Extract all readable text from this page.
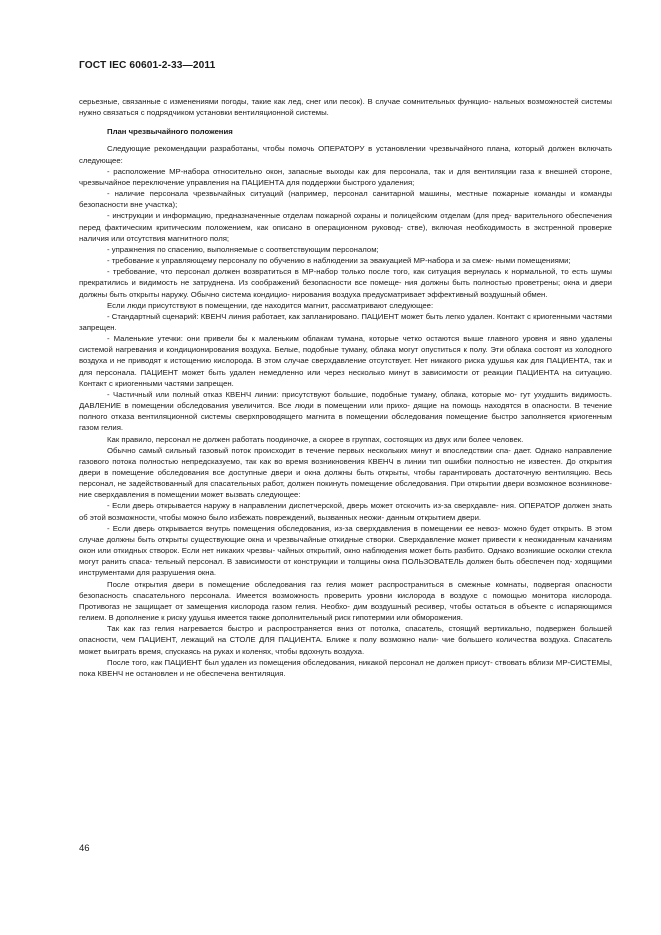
ГОСТ IEC 60601-2-33—2011

серьезные, связанные с изменениями погоды, такие как лед, снег или песок). В случае сомнительных функцио- нальных возможностей системы нужно связаться с подрядчиком установки вентиляционной системы.

План чрезвычайного положения

Следующие рекомендации разработаны, чтобы помочь ОПЕРАТОРУ в установлении чрезвычайного плана, который должен включать следующее:

- расположение МР-набора относительно окон, запасные выходы как для персонала, так и для вентиляции газа к внешней стороне, чрезвычайное переключение управления на ПАЦИЕНТА для поддержки быстрого удаления;

- наличие персонала чрезвычайных ситуаций (например, персонал санитарной машины, местные пожарные команды и команды безопасности вне участка);

- инструкции и информацию, предназначенные отделам пожарной охраны и полицейским отделам (для пред- варительного обеспечения перед фактическим критическим положением, как описано в операционном руковод- стве), включая необходимость в экстренной проверке наличия или отсутствия магнитного поля;

- упражнения по спасению, выполняемые с соответствующим персоналом;

- требование к управляющему персоналу по обучению в наблюдении за эвакуацией МР-набора и за смеж- ными помещениями;

- требование, что персонал должен возвратиться в МР-набор только после того, как ситуация вернулась к нормальной, то есть шумы прекратились и видимость не затруднена. Из соображений безопасности все помеще- ния должны быть полностью проветрены; окна и двери должны быть открыты наружу. Обычно система кондицио- нирования воздуха предусматривает эффективный воздушный обмен.

Если люди присутствуют в помещении, где находится магнит, рассматривают следующее:

- Стандартный сценарий: КВЕНЧ линия работает, как запланировано. ПАЦИЕНТ может быть легко удален. Контакт с криогенными частями запрещен.

- Маленькие утечки: они привели бы к маленьким облакам тумана, которые четко остаются выше главного уровня и явно удалены системой нагревания и кондиционирования воздуха. Белые, подобные туману, облака могут опуститься к полу. Эти облака состоят из холодного воздуха и не приводят к истощению кислорода. В этом случае сверхдавление отсутствует. Нет никакого риска удушья как для ПАЦИЕНТА, так и для персонала. ПАЦИЕНТ может быть удален немедленно или через несколько минут в зависимости от реакции ПАЦИЕНТА на ситуацию. Контакт с криогенными частями запрещен.

- Частичный или полный отказ КВЕНЧ линии: присутствуют большие, подобные туману, облака, которые мо- гут ухудшить видимость. ДАВЛЕНИЕ в помещении обследования увеличится. Все люди в помещении или прихо- дящие на помощь находятся в опасности. В течение полного отказа вентиляционной системы сверхпроводящего магнита в помещении обследования помещение быстро заполняется криогенным газом гелия.

Как правило, персонал не должен работать поодиночке, а скорее в группах, состоящих из двух или более человек.

Обычно самый сильный газовый поток происходит в течение первых нескольких минут и впоследствии спа- дает. Однако направление газового потока полностью непредсказуемо, так как во время возникновения КВЕНЧ в линии тип ошибки полностью не известен. До открытия двери в помещение обследования все доступные двери и окна должны быть открыты, чтобы гарантировать достаточную вентиляцию. Весь персонал, не задействованный для спасательных работ, должен покинуть помещение обследования. При открытии двери возможное возникнове- ние сверхдавления в помещении может вызвать следующее:

- Если дверь открывается наружу в направлении диспетчерской, дверь может отскочить из-за сверхдавле- ния. ОПЕРАТОР должен знать об этой возможности, чтобы можно было избежать повреждений, вызванных неожи- данным открытием двери.

- Если дверь открывается внутрь помещения обследования, из-за сверхдавления в помещении ее невоз- можно будет открыть. В этом случае должны быть открыты существующие окна и чрезвычайные откидные створки. Сверхдавление может привести к неожиданным качаниям окон или откидных створок. Если нет никаких чрезвы- чайных открытий, окно наблюдения может быть разбито. Однако возникшие осколки стекла могут ранить спаса- тельный персонал. В зависимости от конструкции и толщины окна ПОЛЬЗОВАТЕЛЬ должен быть обеспечен под- ходящими инструментами для разрушения окна.

После открытия двери в помещение обследования газ гелия может распространиться в смежные комнаты, подвергая опасности безопасность спасательного персонала. Имеется возможность проверить уровни кислорода в воздухе с помощью монитора кислорода. Противогаз не защищает от замещения кислорода газом гелия. Необхо- дим воздушный ресивер, чтобы остаться в объекте с испаряющимся гелием. В дополнение к риску удушья имеется также дополнительный риск гипотермии или обморожения.

Так как газ гелия нагревается быстро и распространяется вниз от потолка, спасатель, стоящий вертикально, подвержен большей опасности, чем ПАЦИЕНТ, лежащий на СТОЛЕ ДЛЯ ПАЦИЕНТА. Ближе к полу возможно нали- чие большего количества воздуха. Спасатель может выиграть время, спускаясь на руках и коленях, чтобы вдохнуть воздуха.

После того, как ПАЦИЕНТ был удален из помещения обследования, никакой персонал не должен присут- ствовать вблизи МР-СИСТЕМЫ, пока КВЕНЧ не остановлен и не обеспечена вентиляция.

46
